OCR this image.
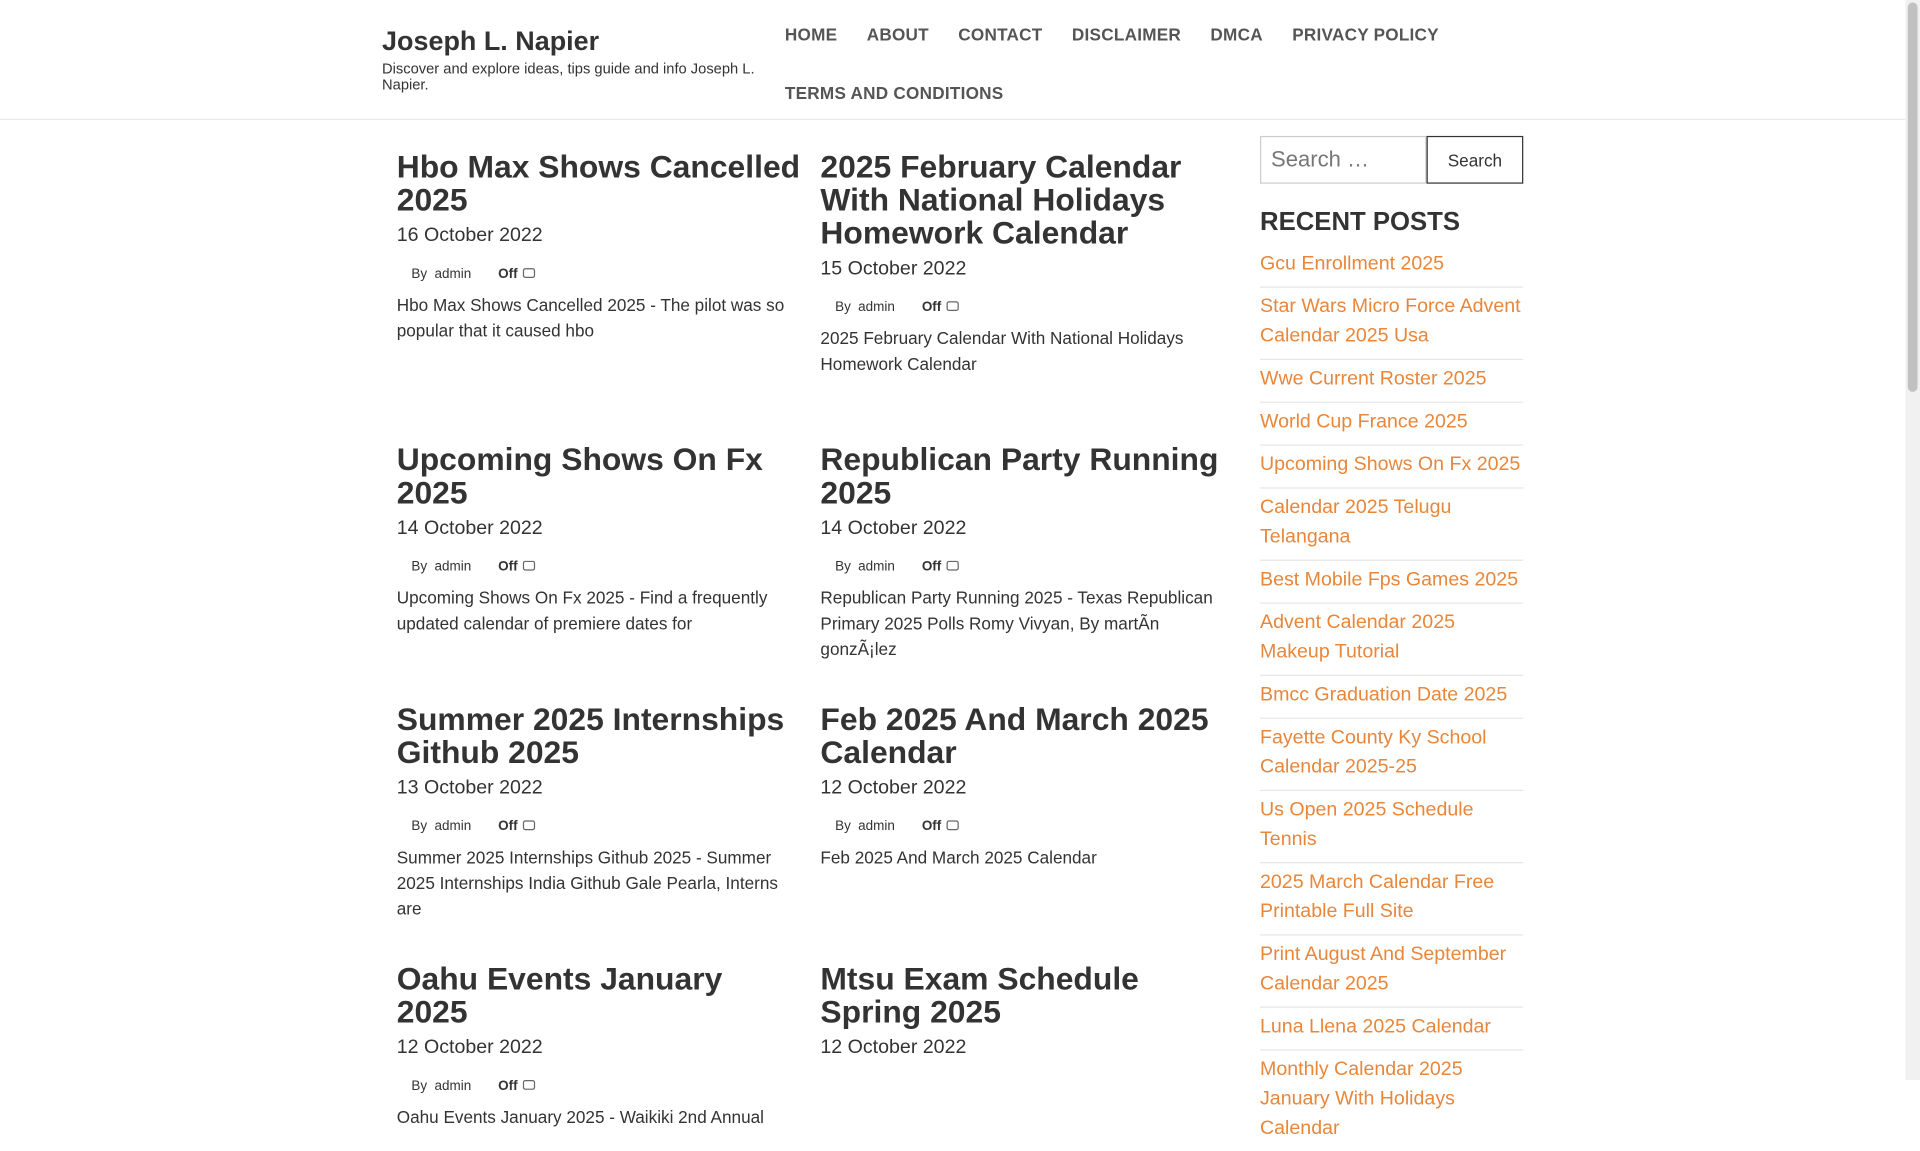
Joseph L. Napier

Discover and explore ideas, tips guide and info Joseph L. Napier.

HOME ABOUT CONTACT DISCLAIMER DMCA PRIVACY POLICY
TERMS AND CONDITIONS
Hbo Max Shows Cancelled 2025
16 October 2022
By admin Off

Hbo Max Shows Cancelled 2025 - The pilot was so popular that it caused hbo

2025 February Calendar With National Holidays Homework Calendar
15 October 2022
By admin Off

2025 February Calendar With National Holidays Homework Calendar

Upcoming Shows On Fx 2025
14 October 2022
By admin Off

Upcoming Shows On Fx 2025 - Find a frequently updated calendar of premiere dates for

Republican Party Running 2025
14 October 2022
By admin Off

Republican Party Running 2025 - Texas Republican Primary 2025 Polls Romy Vivyan, By martÃn gonzÃ¡lez

Summer 2025 Internships Github 2025
13 October 2022
By admin Off

Summer 2025 Internships Github 2025 - Summer 2025 Internships India Github Gale Pearla, Interns are

Feb 2025 And March 2025 Calendar
12 October 2022
By admin Off

Feb 2025 And March 2025 Calendar

Oahu Events January 2025
12 October 2022
By admin Off

Oahu Events January 2025 - Waikiki 2nd Annual

Mtsu Exam Schedule Spring 2025
12 October 2022
Search …
Search
RECENT POSTS
Gcu Enrollment 2025
Star Wars Micro Force Advent Calendar 2025 Usa
Wwe Current Roster 2025
World Cup France 2025
Upcoming Shows On Fx 2025
Calendar 2025 Telugu Telangana
Best Mobile Fps Games 2025
Advent Calendar 2025 Makeup Tutorial
Bmcc Graduation Date 2025
Fayette County Ky School Calendar 2025-25
Us Open 2025 Schedule Tennis
2025 March Calendar Free Printable Full Site
Print August And September Calendar 2025
Luna Llena 2025 Calendar
Monthly Calendar 2025 January With Holidays Calendar
